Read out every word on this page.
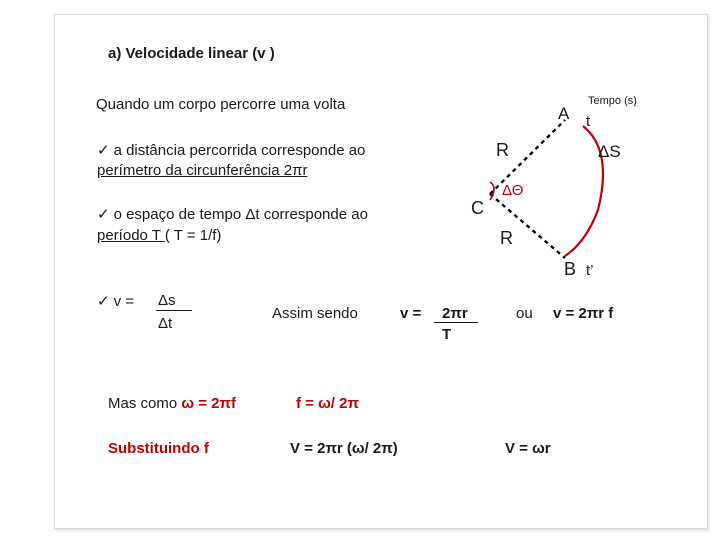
a) Velocidade linear (v )
Quando um corpo percorre uma volta
✓ a distância percorrida corresponde ao
perímetro da circunferência 2πr
✓ o espaço de tempo Δt corresponde ao
período T ( T = 1/f)
✓ v = Δs
Δt
Assim sendo	v = 2πr
T
ou v = 2πr f
Mas como ω = 2πf	f = ω/ 2π
Substituindo f	V = 2πr (ω/ 2π)	V = ωr
Tempo (s)
A t
R	ΔS
C
ΔΘ
R
B t’
